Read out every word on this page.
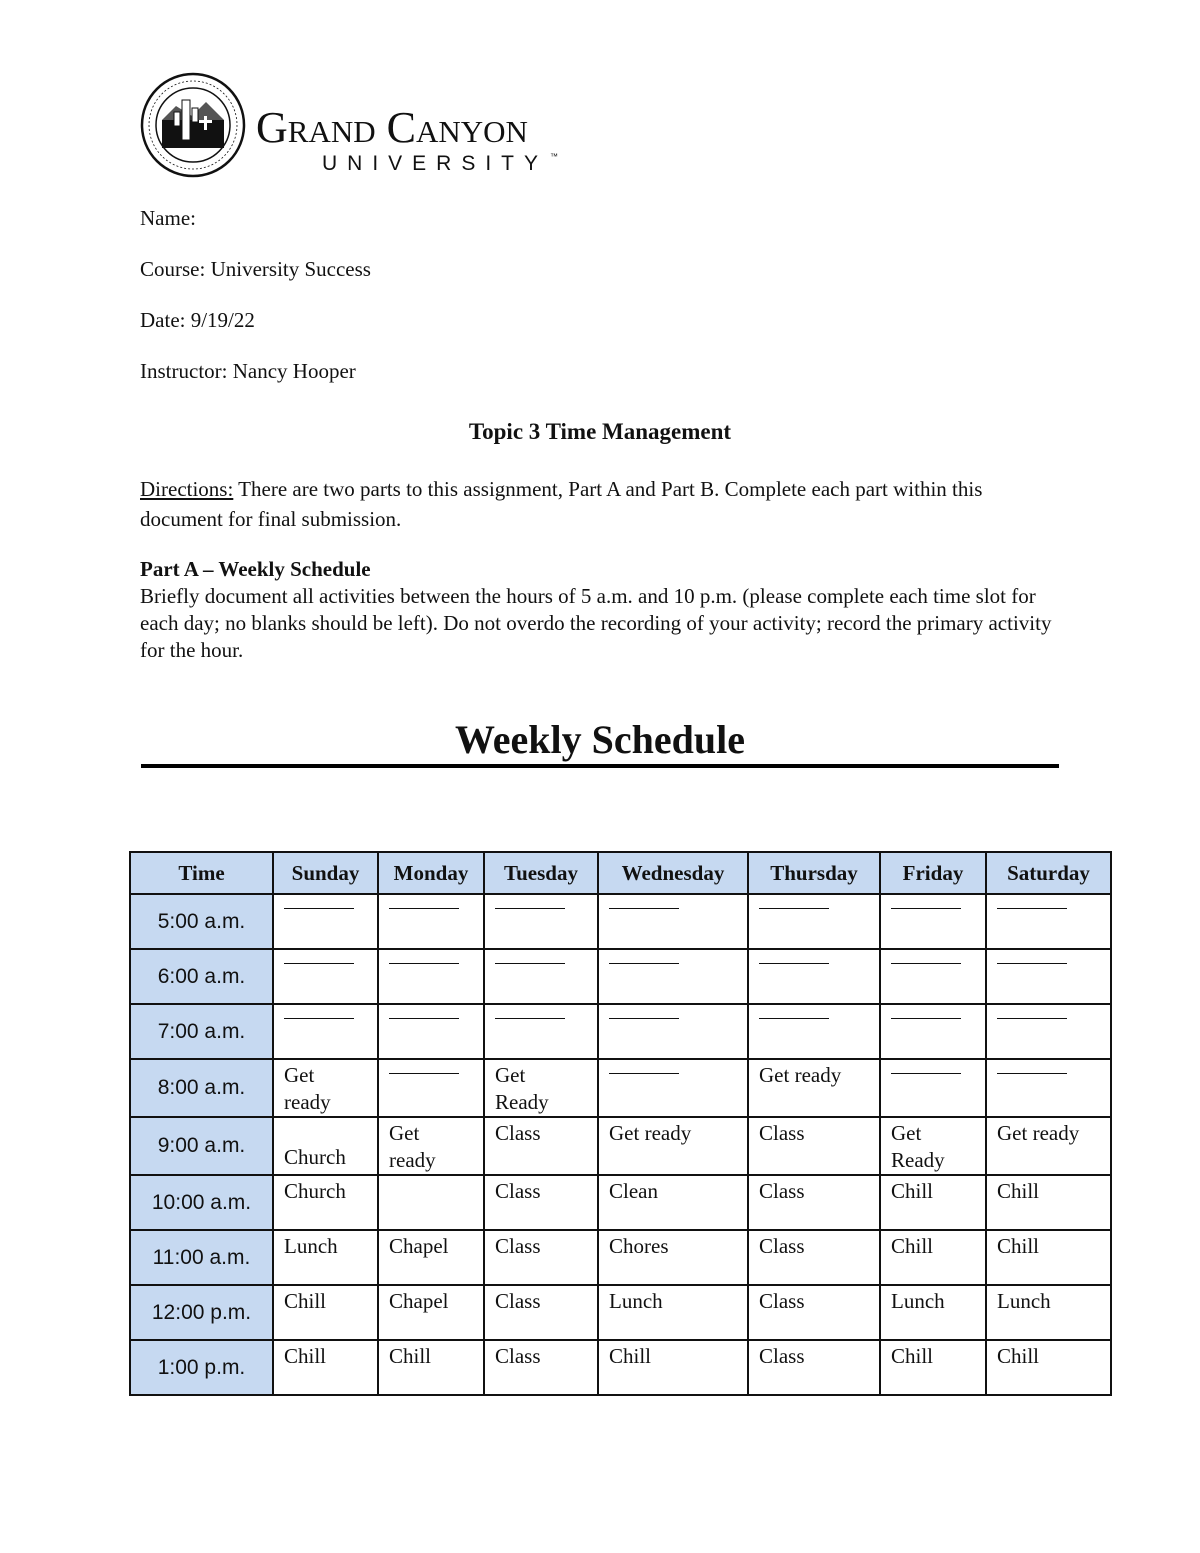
Grand Canyon
UNIVERSITY ™
Name:
Course: University Success
Date: 9/19/22
Instructor: Nancy Hooper
Topic 3 Time Management
Directions: There are two parts to this assignment, Part A and Part B. Complete each part within this document for final submission.
Part A – Weekly Schedule
Briefly document all activities between the hours of 5 a.m. and 10 p.m. (please complete each time slot for each day; no blanks should be left). Do not overdo the recording of your activity; record the primary activity for the hour.
Weekly Schedule
Time	Sunday	Monday	Tuesday	Wednesday	Thursday	Friday	Saturday
5:00 a.m.	

6:00 a.m.	

7:00 a.m.	

8:00 a.m.	Get ready		Get Ready		Get ready		

9:00 a.m.	Church	Get ready	Class	Get ready	Class	Get Ready	Get ready

10:00 a.m.	Church		Class	Clean	Class	Chill	Chill

11:00 a.m.	Lunch	Chapel	Class	Chores	Class	Chill	Chill

12:00 p.m.	Chill	Chapel	Class	Lunch	Class	Lunch	Lunch

1:00 p.m.	Chill	Chill	Class	Chill	Class	Chill	Chill
